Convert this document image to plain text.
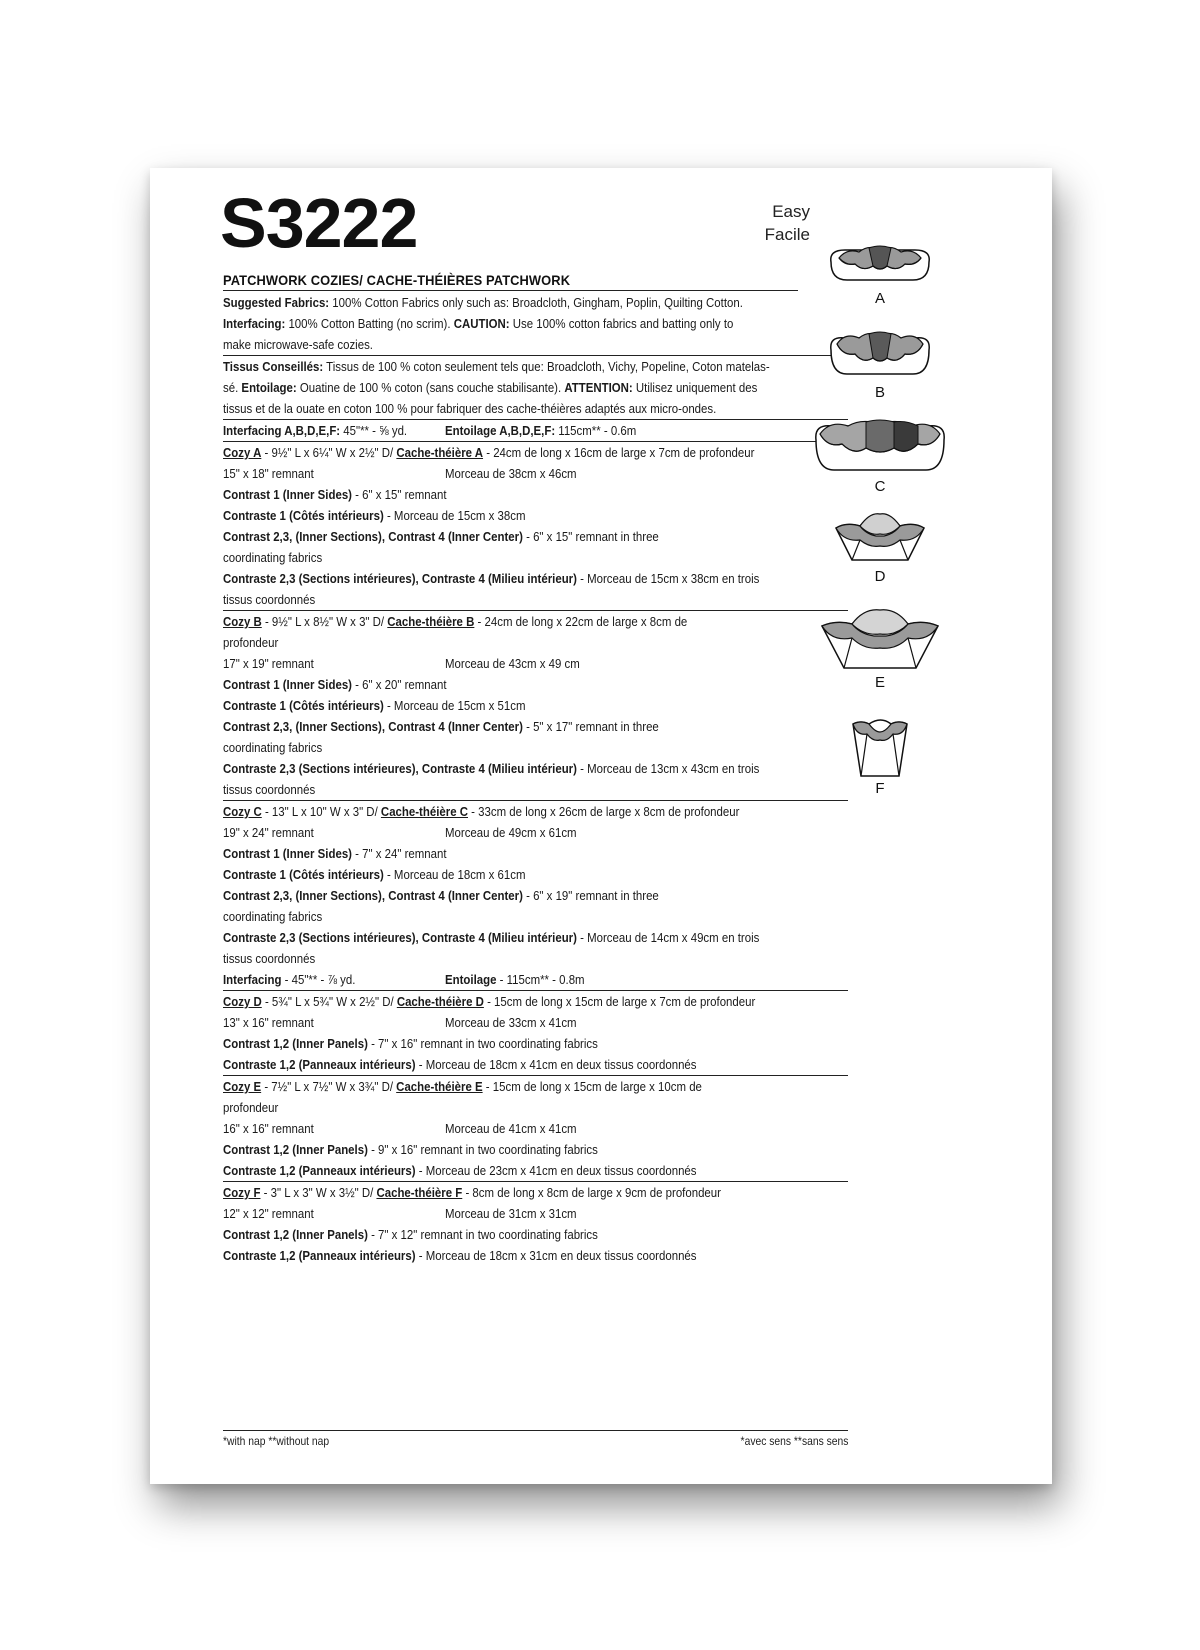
S3222	Easy
Facile
PATCHWORK COZIES/ CACHE-THÉIÈRES PATCHWORK
Suggested Fabrics: 100% Cotton Fabrics only such as: Broadcloth, Gingham, Poplin, Quilting Cotton.
Interfacing: 100% Cotton Batting (no scrim). CAUTION: Use 100% cotton fabrics and batting only to
make microwave-safe cozies.
Tissus Conseillés: Tissus de 100 % coton seulement tels que: Broadcloth, Vichy, Popeline, Coton matelas-
sé. Entoilage: Ouatine de 100 % coton (sans couche stabilisante). ATTENTION: Utilisez uniquement des
tissus et de la ouate en coton 100 % pour fabriquer des cache-théières adaptés aux micro-ondes.
Interfacing A,B,D,E,F: 45"** - ⅝ yd.	Entoilage A,B,D,E,F: 115cm** - 0.6m
Cozy A - 9½" L x 6¼" W x 2½" D/ Cache-théière A - 24cm de long x 16cm de large x 7cm de profondeur
15" x 18" remnant	Morceau de 38cm x 46cm
Contrast 1 (Inner Sides) - 6" x 15" remnant
Contraste 1 (Côtés intérieurs) - Morceau de 15cm x 38cm
Contrast 2,3, (Inner Sections), Contrast 4 (Inner Center) - 6" x 15" remnant in three
coordinating fabrics
Contraste 2,3 (Sections intérieures), Contraste 4 (Milieu intérieur) - Morceau de 15cm x 38cm en trois
tissus coordonnés
Cozy B - 9½" L x 8½" W x 3" D/ Cache-théière B - 24cm de long x 22cm de large x 8cm de
profondeur
17" x 19" remnant	Morceau de 43cm x 49 cm
Contrast 1 (Inner Sides) - 6" x 20" remnant
Contraste 1 (Côtés intérieurs) - Morceau de 15cm x 51cm
Contrast 2,3, (Inner Sections), Contrast 4 (Inner Center) - 5" x 17" remnant in three
coordinating fabrics
Contraste 2,3 (Sections intérieures), Contraste 4 (Milieu intérieur) - Morceau de 13cm x 43cm en trois
tissus coordonnés
Cozy C - 13" L x 10" W x 3" D/ Cache-théière C - 33cm de long x 26cm de large x 8cm de profondeur
19" x 24" remnant	Morceau de 49cm x 61cm
Contrast 1 (Inner Sides) - 7" x 24" remnant
Contraste 1 (Côtés intérieurs) - Morceau de 18cm x 61cm
Contrast 2,3, (Inner Sections), Contrast 4 (Inner Center) - 6" x 19" remnant in three
coordinating fabrics
Contraste 2,3 (Sections intérieures), Contraste 4 (Milieu intérieur) - Morceau de 14cm x 49cm en trois
tissus coordonnés
Interfacing - 45"** - ⅞ yd.	Entoilage - 115cm** - 0.8m
Cozy D - 5¾" L x 5¾" W x 2½" D/ Cache-théière D - 15cm de long x 15cm de large x 7cm de profondeur
13" x 16" remnant	Morceau de 33cm x 41cm
Contrast 1,2 (Inner Panels) - 7" x 16" remnant in two coordinating fabrics
Contraste 1,2 (Panneaux intérieurs) - Morceau de 18cm x 41cm en deux tissus coordonnés
Cozy E - 7½" L x 7½" W x 3¾" D/ Cache-théière E - 15cm de long x 15cm de large x 10cm de
profondeur
16" x 16" remnant	Morceau de 41cm x 41cm
Contrast 1,2 (Inner Panels) - 9" x 16" remnant in two coordinating fabrics
Contraste 1,2 (Panneaux intérieurs) - Morceau de 23cm x 41cm en deux tissus coordonnés
Cozy F - 3" L x 3" W x 3½" D/ Cache-théière F - 8cm de long x 8cm de large x 9cm de profondeur
12" x 12" remnant	Morceau de 31cm x 31cm
Contrast 1,2 (Inner Panels) - 7" x 12" remnant in two coordinating fabrics
Contraste 1,2 (Panneaux intérieurs) - Morceau de 18cm x 31cm en deux tissus coordonnés
*with nap **without nap	*avec sens **sans sens
A
B
C
D
E
F
